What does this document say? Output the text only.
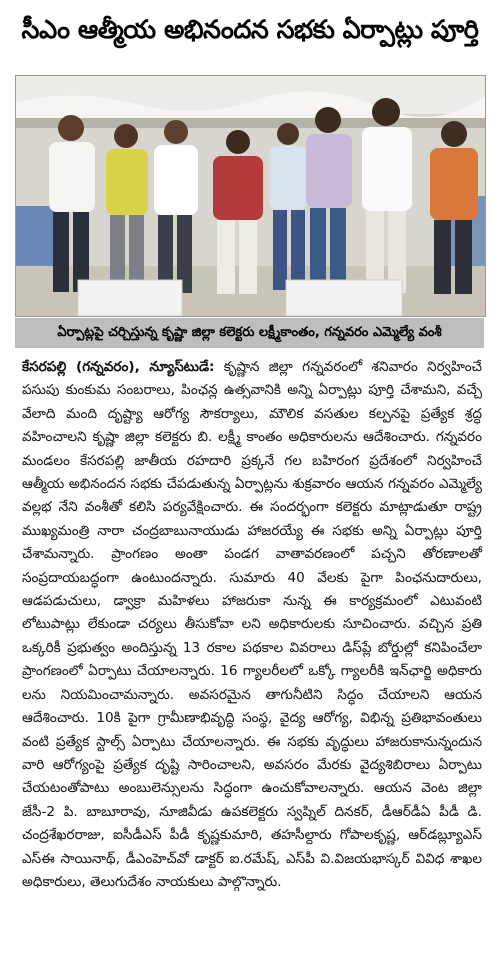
సీఎం ఆత్మీయ అభినందన సభకు ఏర్పాట్లు పూర్తి
ఏర్పాట్లపై చర్చిస్తున్న కృష్ణా జిల్లా కలెక్టరు లక్ష్మీకాంతం, గన్నవరం ఎమ్మెల్యే వంశీ

కేసరపల్లి (గన్నవరం), న్యూస్‌టుడే: కృష్ణాన జిల్లా గన్నవరంలో శనివారం నిర్వహించే పసుపు కుంకుమ సంబరాలు, పింఛన్ల ఉత్సవానికి అన్ని ఏర్పాట్లు పూర్తి చేశామని, వచ్చే వేలాది మంది దృష్ట్యా ఆరోగ్య సౌకర్యాలు, మౌలిక వసతుల కల్పనపై ప్రత్యేక శ్రద్ధ వహించాలని కృష్ణా జిల్లా కలెక్టరు బి. లక్ష్మీ కాంతం అధికారులను ఆదేశించారు. గన్నవరం మండలం కేసరపల్లి జాతీయ రహదారి ప్రక్కనే గల బహిరంగ ప్రదేశంలో నిర్వహించే ఆత్మీయ అభినందన సభకు చేపడుతున్న ఏర్పాట్లను శుక్రవారం ఆయన గన్నవరం ఎమ్మెల్యే వల్లభ నేని వంశీతో కలిసి పర్యవేక్షించారు. ఈ సందర్భంగా కలెక్టరు మాట్లాడుతూ రాష్ట్ర ముఖ్యమంత్రి నారా చంద్రబాబునాయుడు హాజరయ్యే ఈ సభకు అన్ని ఏర్పాట్లు పూర్తి చేశామన్నారు. ప్రాంగణం అంతా పండగ వాతావరణంలో పచ్చని తోరణాలతో సంప్రదాయబద్ధంగా ఉంటుందన్నారు. సుమారు 40 వేలకు పైగా పింఛనుదారులు, ఆడపడుచులు, డ్వాక్రా మహిళలు హాజరుకా నున్న ఈ కార్యక్రమంలో ఎటువంటి లోటుపాట్లు లేకుండా చర్యలు తీసుకోవా లని అధికారులకు సూచించారు. వచ్చిన ప్రతి ఒక్కరికీ ప్రభుత్వం అందిస్తున్న 13 రకాల పథకాల వివరాలు డిస్‌ప్లే బోర్డుల్లో కనిపించేలా ప్రాంగణంలో ఏర్పాటు చేయాలన్నారు. 16 గ్యాలరీలలో ఒక్కో గ్యాలరీకి ఇన్‌ఛార్జి అధికారు లను నియమించామన్నారు. అవసరమైన తాగునీటిని సిద్ధం చేయాలని ఆయన ఆదేశించారు. 10కి పైగా గ్రామీణాభివృద్ధి సంస్థ, వైద్య ఆరోగ్య, విభిన్న ప్రతిభావంతులు వంటి ప్రత్యేక స్టాల్స్ ఏర్పాటు చేయాలన్నారు. ఈ సభకు వృద్ధులు హాజరుకానున్నందున వారి ఆరోగ్యంపై ప్రత్యేక దృష్టి సారించాలని, అవసరం మేరకు వైద్యశిబిరాలు ఏర్పాటు చేయటంతోపాటు అంబులెన్సులను సిద్ధంగా ఉంచుకోవాలన్నారు. ఆయన వెంట జిల్లా జేసీ-2 పి. బాబూరావు, నూజివీడు ఉపకలెక్టరు స్వప్నిల్ దినకర్, డీఆర్‌డీఏ పీడీ డి. చంద్రశేఖరరాజు, ఐసీడీఎస్ పీడీ కృష్ణకుమారి, తహసీల్దారు గోపాలకృష్ణ, ఆర్‌డబ్ల్యూఎస్ ఎస్ఈ సాయినాథ్, డీఎంహెచ్‌వో డాక్టర్ ఐ.రమేష్, ఎస్‌పీ వి.విజయభాస్కర్ వివిధ శాఖల అధికారులు, తెలుగుదేశం నాయకులు పాల్గొన్నారు.
